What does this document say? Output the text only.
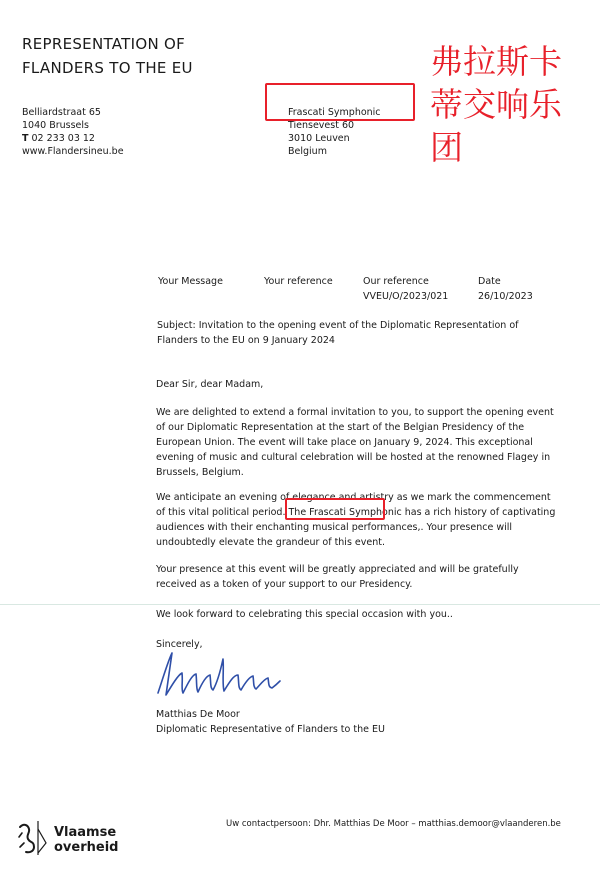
REPRESENTATION OF
FLANDERS TO THE EU
Belliardstraat 65
1040 Brussels
T 02 233 03 12
www.Flandersineu.be
Frascati Symphonic
Tiensevest 60
3010 Leuven
Belgium
弗拉斯卡蒂交响乐团
Your Message	Your reference	Our reference
VVEU/O/2023/021
Date
26/10/2023
Subject: Invitation to the opening event of the Diplomatic Representation of Flanders to the EU on 9 January 2024
Dear Sir, dear Madam,
We are delighted to extend a formal invitation to you, to support the opening event of our Diplomatic Representation at the start of the Belgian Presidency of the European Union. The event will take place on January 9, 2024. This exceptional evening of music and cultural celebration will be hosted at the renowned Flagey in Brussels, Belgium.
We anticipate an evening of elegance and artistry as we mark the commencement of this vital political period. The Frascati Symphonic has a rich history of captivating audiences with their enchanting musical performances,. Your presence will undoubtedly elevate the grandeur of this event.
Your presence at this event will be greatly appreciated and will be gratefully received as a token of your support to our Presidency.
We look forward to celebrating this special occasion with you..
Sincerely,
Matthias De Moor
Diplomatic Representative of Flanders to the EU
Vlaamse
overheid
Uw contactpersoon: Dhr. Matthias De Moor – matthias.demoor@vlaanderen.be
